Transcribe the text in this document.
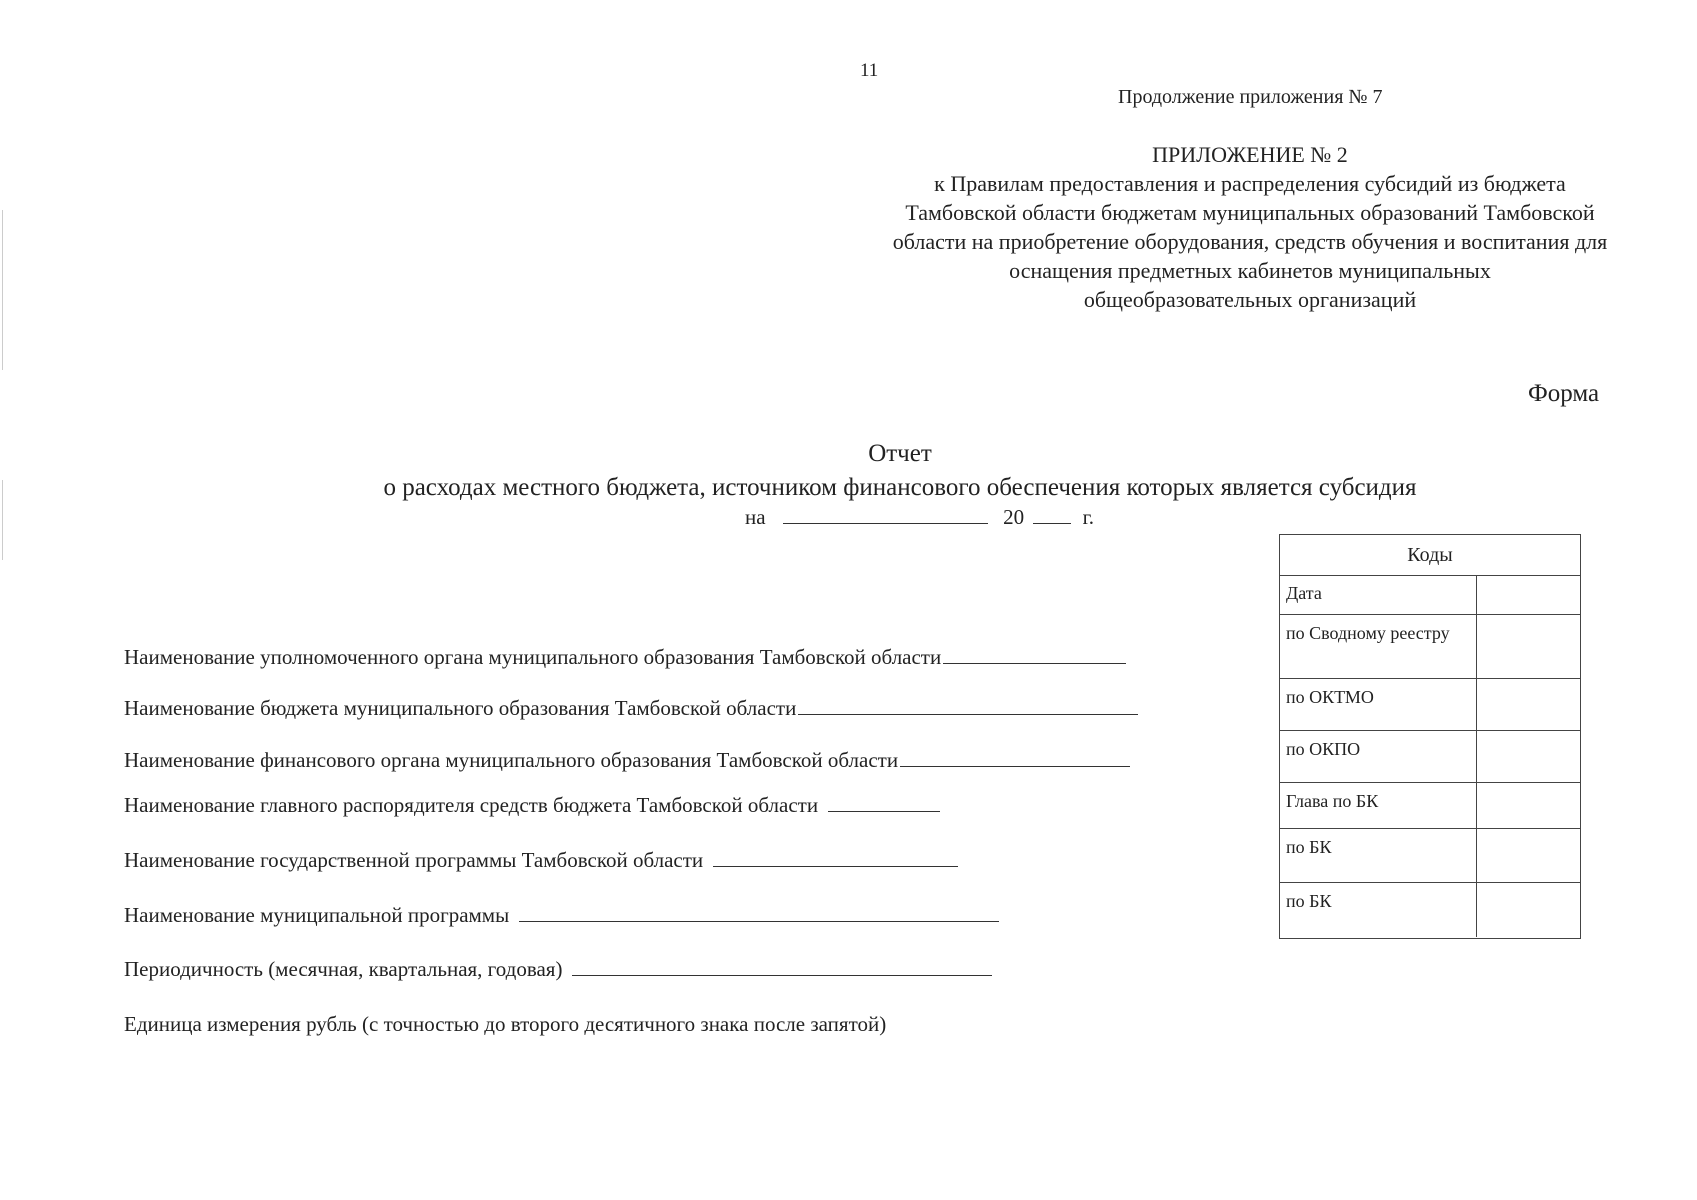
11
Продолжение приложения № 7
ПРИЛОЖЕНИЕ № 2
к Правилам предоставления и распределения субсидий из бюджета
Тамбовской области бюджетам муниципальных образований Тамбовской
области на приобретение оборудования, средств обучения и воспитания для
оснащения предметных кабинетов муниципальных
общеобразовательных организаций
Форма
Отчет
о расходах местного бюджета, источником финансового обеспечения которых является субсидия
на	20	г.
Наименование уполномоченного органа муниципального образования Тамбовской области
Наименование бюджета муниципального образования Тамбовской области
Наименование финансового органа муниципального образования Тамбовской области
Наименование главного распорядителя средств бюджета Тамбовской области
Наименование государственной программы Тамбовской области
Наименование муниципальной программы
Периодичность (месячная, квартальная, годовая)
Единица измерения рубль (с точностью до второго десятичного знака после запятой)
Коды
Дата
по Сводному реестру
по ОКТМО
по ОКПО
Глава по БК
по БК
по БК
